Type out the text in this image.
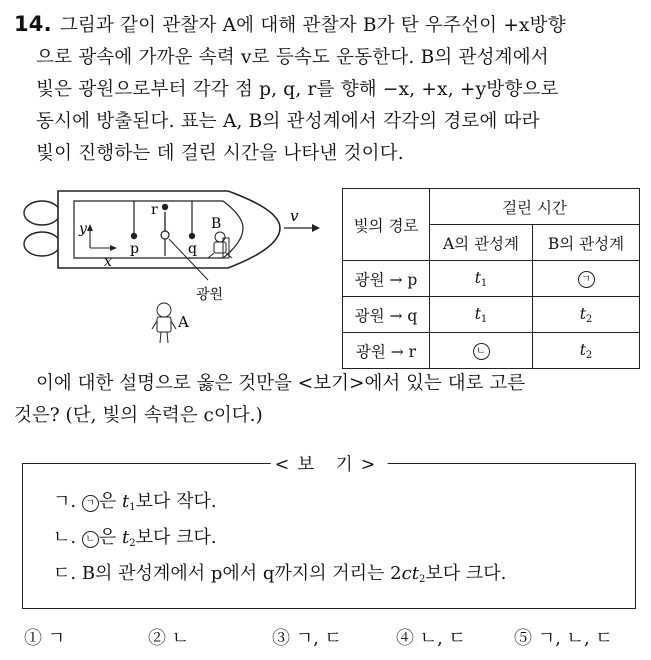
14. 그림과 같이 관찰자 A에 대해 관찰자 B가 탄 우주선이 +x방향
으로 광속에 가까운 속력 v로 등속도 운동한다. B의 관성계에서
빛은 광원으로부터 각각 점 p, q, r를 향해 −x, +x, +y방향으로
동시에 방출된다. 표는 A, B의 관성계에서 각각의 경로에 따라
빛이 진행하는 데 걸린 시간을 나타낸 것이다.
y
x
p
r
q
광원
B	v
A
빛의 경로	걸린 시간	
	A의 관성계	B의 관성계
광원 → p	$t_1$	ㄱ
광원 → q	$t_1$	$t_2$
광원 → r	ㄴ	$t_2$
이에 대한 설명으로 옳은 것만을 <보기>에서 있는 대로 고른
것은? (단, 빛의 속력은 c이다.)
<보 기>
ㄱ. ㄱ 은 $t_1$보다 작다.
ㄴ. ㄴ 은 $t_2$보다 크다.
ㄷ. B의 관성계에서 p에서 q까지의 거리는 $2ct_2$보다 크다.
① ㄱ	② ㄴ	③ ㄱ, ㄷ	④ ㄴ, ㄷ	⑤ ㄱ, ㄴ, ㄷ
